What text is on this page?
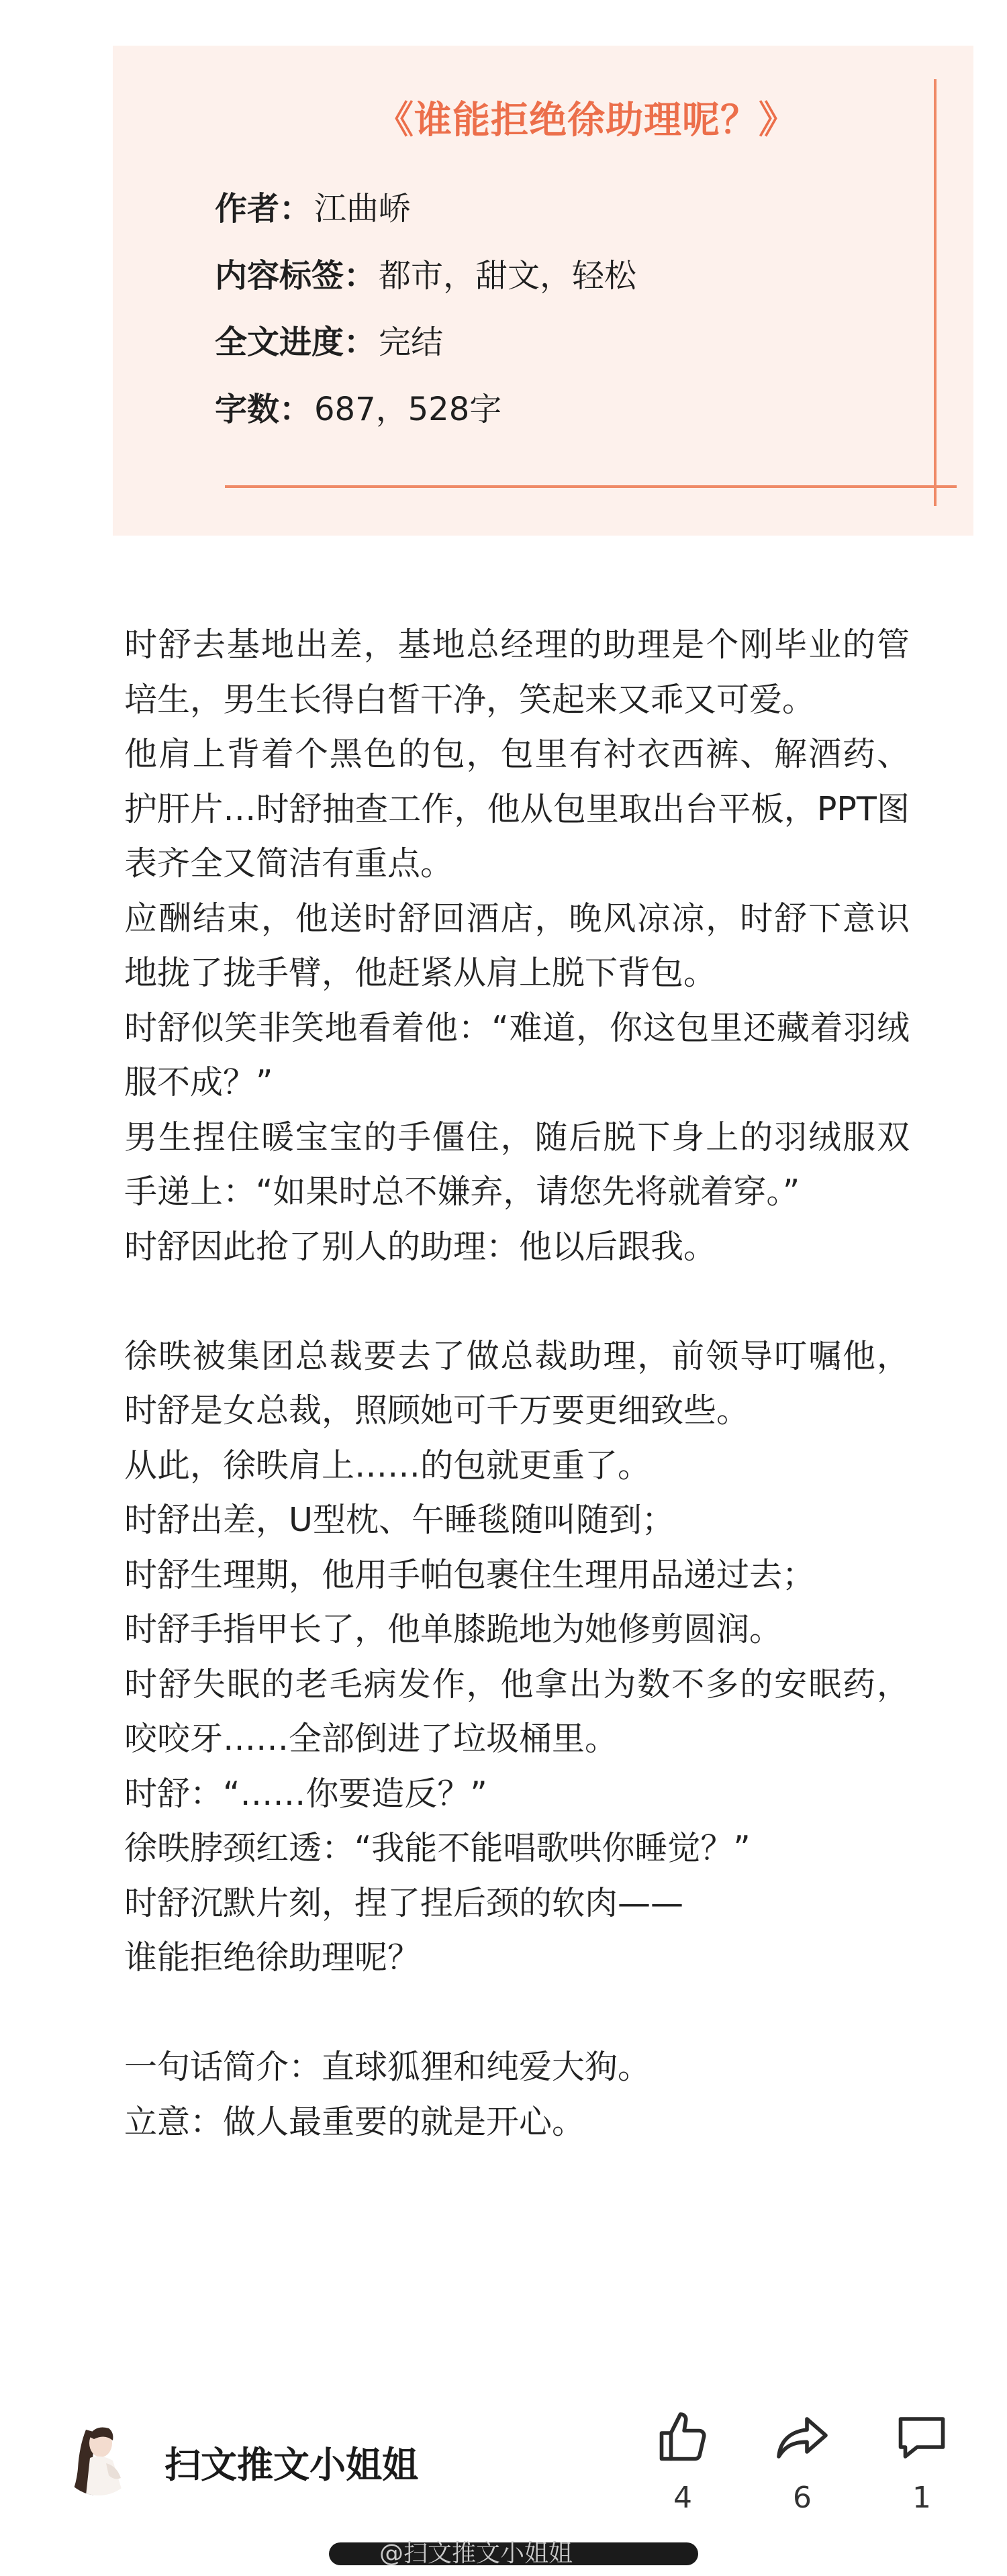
《谁能拒绝徐助理呢？》
作者：江曲峤
内容标签：都市，甜文，轻松
全文进度：完结
字数：687，528字

时舒去基地出差，基地总经理的助理是个刚毕业的管培生，男生长得白皙干净，笑起来又乖又可爱。

他肩上背着个黑色的包，包里有衬衣西裤、解酒药、护肝片…时舒抽查工作，他从包里取出台平板，PPT图表齐全又简洁有重点。

应酬结束，他送时舒回酒店，晚风凉凉，时舒下意识地拢了拢手臂，他赶紧从肩上脱下背包。

时舒似笑非笑地看着他：“难道，你这包里还藏着羽绒服不成？”

男生捏住暖宝宝的手僵住，随后脱下身上的羽绒服双手递上：“如果时总不嫌弃，请您先将就着穿。”

时舒因此抢了别人的助理：他以后跟我。

徐昳被集团总裁要去了做总裁助理，前领导叮嘱他，时舒是女总裁，照顾她可千万要更细致些。

从此，徐昳肩上……的包就更重了。

时舒出差，U型枕、午睡毯随叫随到；

时舒生理期，他用手帕包裹住生理用品递过去；

时舒手指甲长了，他单膝跪地为她修剪圆润。

时舒失眠的老毛病发作，他拿出为数不多的安眠药，咬咬牙……全部倒进了垃圾桶里。

时舒：“……你要造反？”

徐昳脖颈红透：“我能不能唱歌哄你睡觉？”

时舒沉默片刻，捏了捏后颈的软肉——

谁能拒绝徐助理呢？

一句话简介：直球狐狸和纯爱大狗。

立意：做人最重要的就是开心。

扫文推文小姐姐
4	6	1
@扫文推文小姐姐
